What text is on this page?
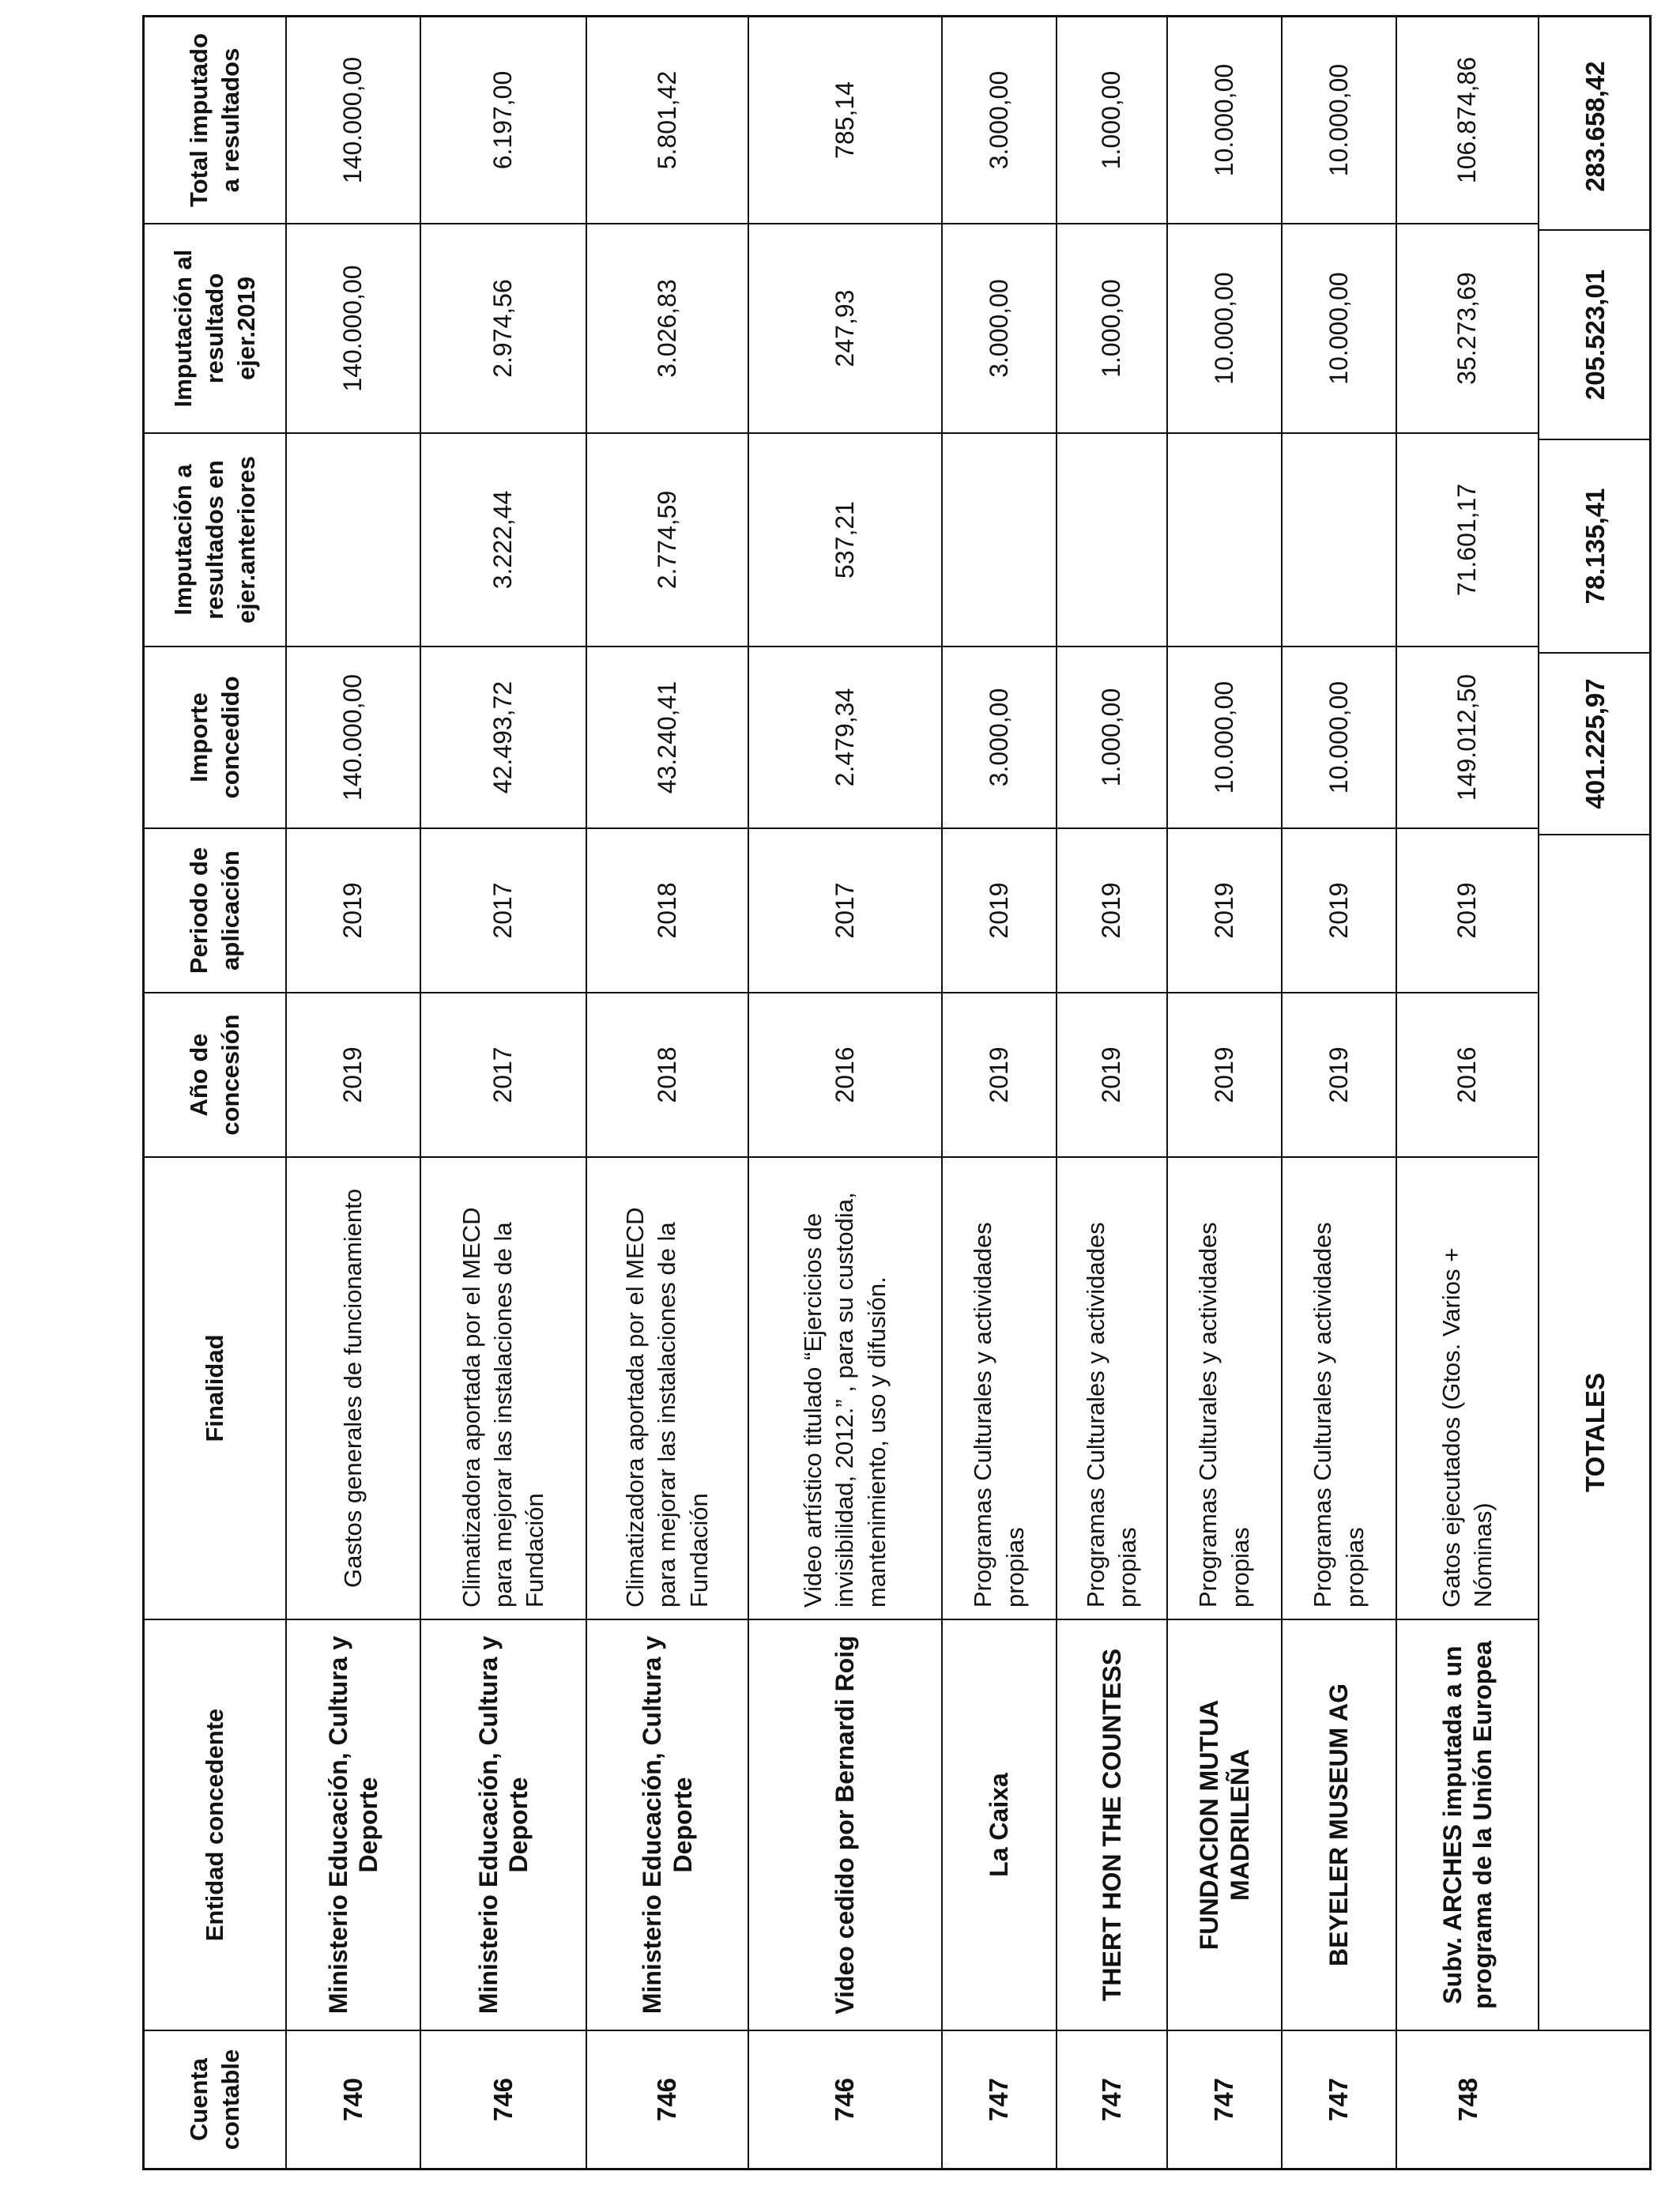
Cuenta contable
Entidad concedente
Finalidad
Año de concesión
Periodo de aplicación
Importe concedido
Imputación a resultados en ejer.anteriores
Imputación al resultado ejer.2019
Total imputado a resultados
740
Ministerio Educación, Cultura y Deporte
Gastos generales de funcionamiento
2019
2019
140.000,00
140.000,00
140.000,00
746
Ministerio Educación, Cultura y Deporte
Climatizadora aportada por el MECD para mejorar las instalaciones de la Fundación
2017
2017
42.493,72
3.222,44
2.974,56
6.197,00
746
Ministerio Educación, Cultura y Deporte
Climatizadora aportada por el MECD para mejorar las instalaciones de la Fundación
2018
2018
43.240,41
2.774,59
3.026,83
5.801,42
746
Video cedido por Bernardi Roig
Video artístico titulado “Ejercicios de invisibilidad, 2012.” , para su custodia, mantenimiento, uso y difusión.
2016
2017
2.479,34
537,21
247,93
785,14
747
La Caixa
Programas Culturales y actividades propias
2019
2019
3.000,00
3.000,00
3.000,00
747
THERT HON THE COUNTESS
Programas Culturales y actividades propias
2019
2019
1.000,00
1.000,00
1.000,00
747
FUNDACION MUTUA MADRILEÑA
Programas Culturales y actividades propias
2019
2019
10.000,00
10.000,00
10.000,00
747
BEYELER MUSEUM AG
Programas Culturales y actividades propias
2019
2019
10.000,00
10.000,00
10.000,00
748
Subv. ARCHES imputada a un programa de la Unión Europea
Gatos ejecutados (Gtos. Varios + Nóminas)
2016
2019
149.012,50
71.601,17
35.273,69
106.874,86
TOTALES
401.225,97
78.135,41
205.523,01
283.658,42
